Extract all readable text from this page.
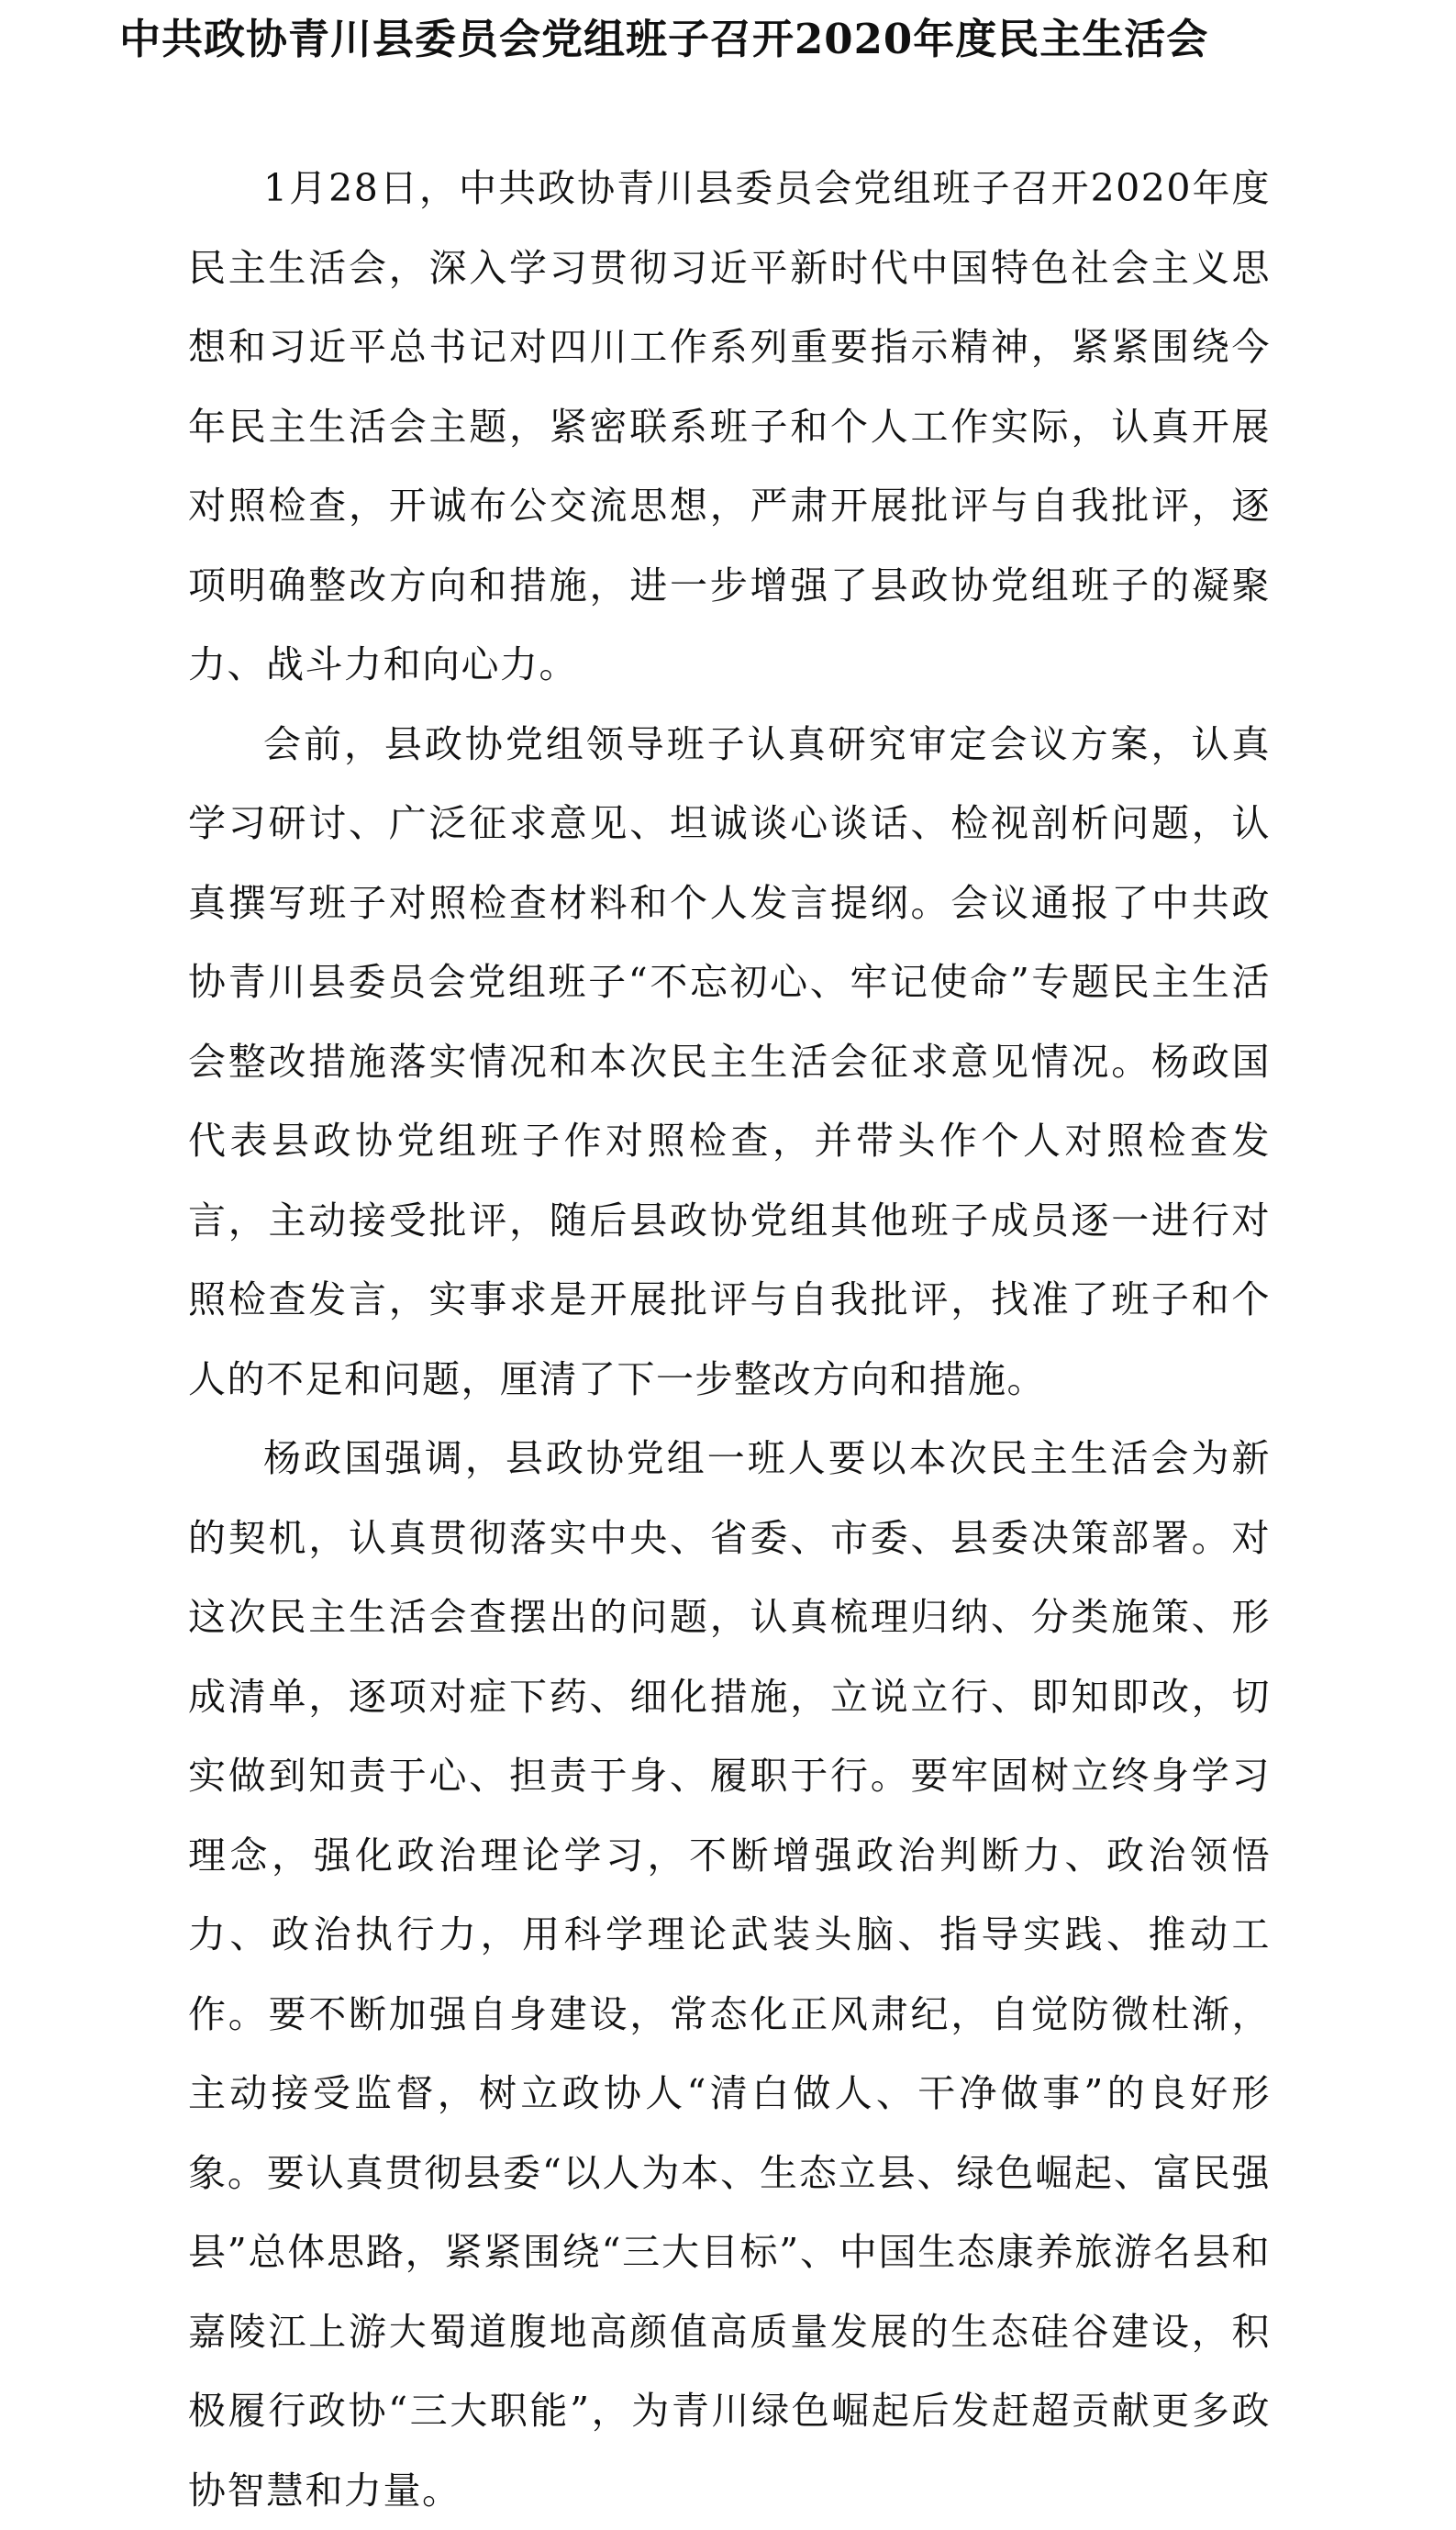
中共政协青川县委员会党组班子召开2020年度民主生活会

1月28日，中共政协青川县委员会党组班子召开2020年度民主生活会，深入学习贯彻习近平新时代中国特色社会主义思想和习近平总书记对四川工作系列重要指示精神，紧紧围绕今年民主生活会主题，紧密联系班子和个人工作实际，认真开展对照检查，开诚布公交流思想，严肃开展批评与自我批评，逐项明确整改方向和措施，进一步增强了县政协党组班子的凝聚力、战斗力和向心力。

会前，县政协党组领导班子认真研究审定会议方案，认真学习研讨、广泛征求意见、坦诚谈心谈话、检视剖析问题，认真撰写班子对照检查材料和个人发言提纲。会议通报了中共政协青川县委员会党组班子“不忘初心、牢记使命”专题民主生活会整改措施落实情况和本次民主生活会征求意见情况。杨政国代表县政协党组班子作对照检查，并带头作个人对照检查发言，主动接受批评，随后县政协党组其他班子成员逐一进行对照检查发言，实事求是开展批评与自我批评，找准了班子和个人的不足和问题，厘清了下一步整改方向和措施。

杨政国强调，县政协党组一班人要以本次民主生活会为新的契机，认真贯彻落实中央、省委、市委、县委决策部署。对这次民主生活会查摆出的问题，认真梳理归纳、分类施策、形成清单，逐项对症下药、细化措施，立说立行、即知即改，切实做到知责于心、担责于身、履职于行。要牢固树立终身学习理念，强化政治理论学习，不断增强政治判断力、政治领悟力、政治执行力，用科学理论武装头脑、指导实践、推动工作。要不断加强自身建设，常态化正风肃纪，自觉防微杜渐，主动接受监督，树立政协人“清白做人、干净做事”的良好形象。要认真贯彻县委“以人为本、生态立县、绿色崛起、富民强县”总体思路，紧紧围绕“三大目标”、中国生态康养旅游名县和嘉陵江上游大蜀道腹地高颜值高质量发展的生态硅谷建设，积极履行政协“三大职能”，为青川绿色崛起后发赶超贡献更多政协智慧和力量。
